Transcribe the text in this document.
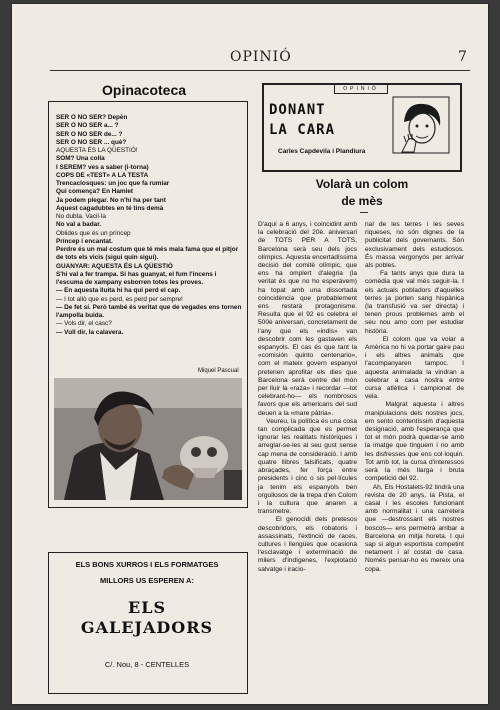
OPINIÓ	7
Opinacoteca
SER O NO SER? Depèn
SER O NO SER a... ?
SER O NO SER de... ?
SER O NO SER ... què?
AQUESTA ÉS LA QÜESTIÓ!
SOM? Una colla
I SEREM? ves a saber (i-torna)
COPS DE «TEST» A LA TESTA
Trencaclosques: un joc que fa rumiar
Qui comença? En Hamlet
Ja podem plegar. No n'hi ha per tant
Aquest cagadubtes en té tins demà
No dubta. Vacil·la
No val a badar.
Oblides que és un príncep
Príncep i encantat.
Perdre és un mal costum que té més mala fama que el pitjor de tots els vicis (sigui quin sigui).
GUANYAR: AQUESTA ÉS LA QÜESTIÓ
S'hi val a fer trampa. Si has guanyat, el fum l'incens i l'escuma de xampany esborren totes les proves.
— En aquesta lluita hi ha qui perd el cap.
— I tot allò que es perd, es perd per sempre!
— De fet sí. Però també és veritat que de vegades ens tornen l'ampolla buida.
— Vols dir, el casc?
— Vull dir, la calavera.
Miquel Pascual
ELS BONS XURROS I ELS FORMATGES
MILLORS US ESPEREN A:
ELS
GALEJADORS
C/. Nou, 8 - CENTELLES
OPINIÓ
DONANT
LA CARA
Carles Capdevila i Plandiura
Volarà un colom
de mès
D'aquí a 6 anys, i coincidint amb la celebració del 20è. aniversari de TOTS PER A TOTS, Barcelona serà seu dels jocs olímpics. Aquesta encertadíssima decisió del comitè olímpic, que ens ha omplert d'alegria (la veritat és que no ho esperàvem) ha topat amb una dissortada coincidència que probablement ens restarà protagonisme. Resulta que el 92 es celebra el 500è aniversari, concretament de l'any que els «indis» van descobrir com les gastaven els espanyols. El cas és que tant la «comisión quinto centenario», com el mateix govern espanyol pretenen aprofitar els dies que Barcelona serà centre del món per lluir la «raza» i recordar —tot celebrant-ho— els nombrosos favors que els americans del sud deuen a la «mare pàtria».
Veureu, la política és una cosa tan complicada que es permet ignorar les realitats històriques i arreglar-se-les al seu gust sense cap mena de consideració. I amb quatre llibres falsificats, quatre abraçades, fer força entre presidents i cinc o sis pel·lícules ja tenim els espanyols ben orgullosos de la trepa d'en Colom i la cultura que anaren a transmetre.
El genocidi dels pretesos descobridors, els robatoris i assassinats, l'extinció de races, cultures i llengües que ocasionà l'esclavatge i exterminació de milers d'indígenes, l'explotació salvatge i iracio-
nal de les terres i les seves riqueses, no són dignes de la publicitat dels governants. Són exclusivament dels estudiosos. És massa vergonyós per arrivar als pobles.
Fa tants anys que dura la comèdia que val més seguir-la. I els actuals pobladors d'aquelles terres ja porten sang hispànica (la transfusió va ser directa) i tenen prous problemes amb el seu nou amo com per estudiar història.
El colom que va volar a Amèrica no hi va portar gaire pau i els altres animals que l'acompanyaren tampoc. I aquesta animalada la vindran a celebrar a casa nostra entre cursa atlètica i campionat de vela.
Malgrat aquesta i altres manipulacions dels nostres jocs, em sento contentíssim d'aquesta designació, amb l'esperança que tot el món podrà quedar-se amb la imatge que tinguem i no amb les disfresses que ens col·loquin. Tot amb tot, la cursa d'interessos serà la més llarga i bruta competició del 92.
Ah, Els Hostalets-92 tindrà una revista de 20 anys, la Pista, el casal i les escoles funcionant amb normalitat i una carretera que —destrossant els nostres boscos— ens permetrà arribar a Barcelona en mitja horeta. I qui sap si algun esportista competint netament i al costat de casa. Només pensar-ho es mereix una copa.
